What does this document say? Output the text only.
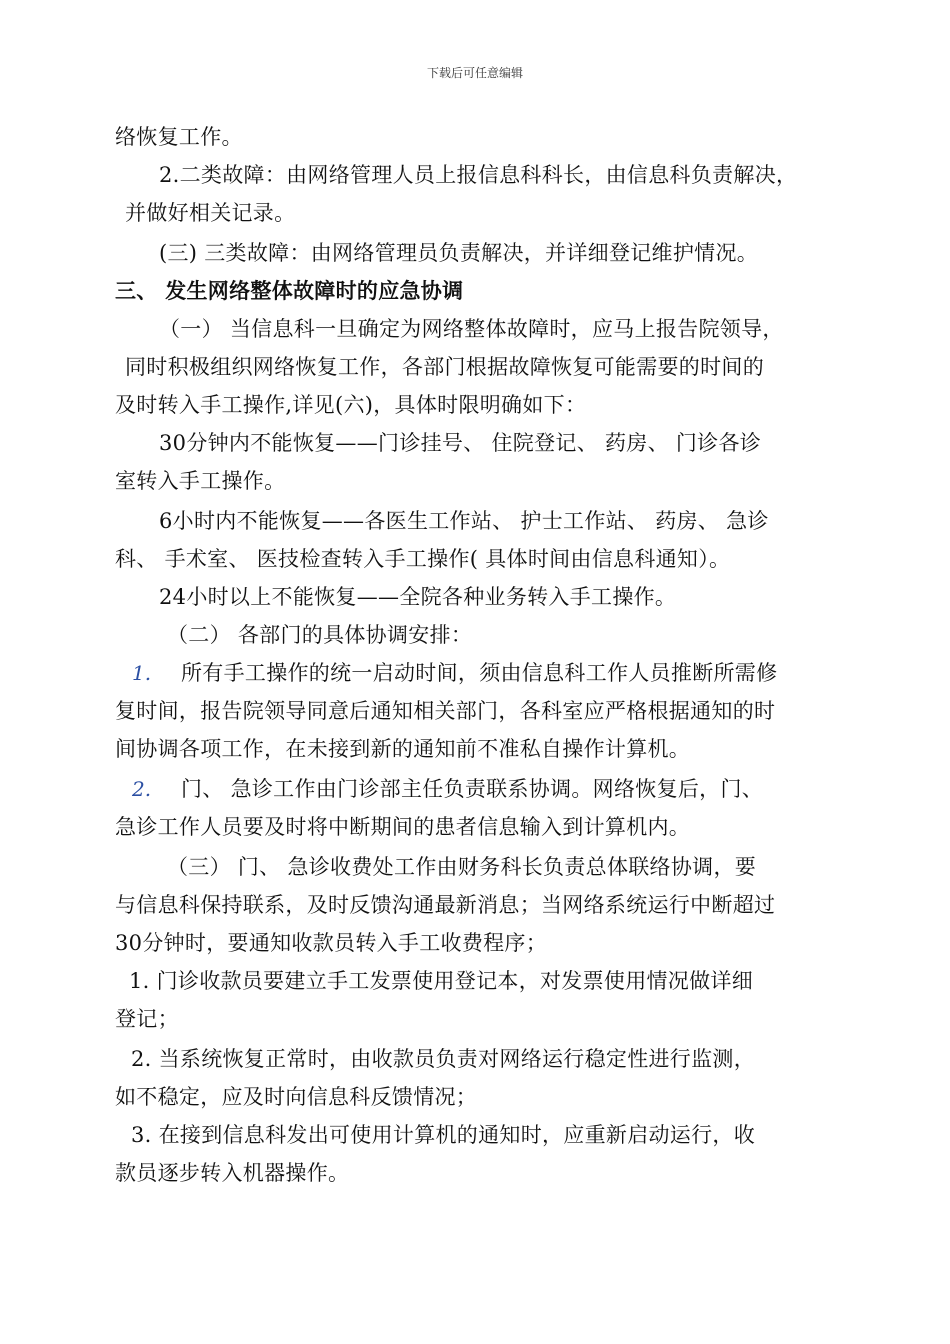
下载后可任意编辑
络恢复工作。
2.二类故障：由网络管理人员上报信息科科长，由信息科负责解决，
并做好相关记录。
(三) 三类故障：由网络管理员负责解决，并详细登记维护情况。
三、 发生网络整体故障时的应急协调
（一） 当信息科一旦确定为网络整体故障时，应马上报告院领导，
同时积极组织网络恢复工作，各部门根据故障恢复可能需要的时间的
及时转入手工操作,详见(六)，具体时限明确如下：
30分钟内不能恢复——门诊挂号、 住院登记、 药房、 门诊各诊
室转入手工操作。
6小时内不能恢复——各医生工作站、 护士工作站、 药房、 急诊
科、 手术室、 医技检查转入手工操作( 具体时间由信息科通知）。
24小时以上不能恢复——全院各种业务转入手工操作。
（二） 各部门的具体协调安排：
1. 所有手工操作的统一启动时间，须由信息科工作人员推断所需修
复时间，报告院领导同意后通知相关部门，各科室应严格根据通知的时
间协调各项工作，在未接到新的通知前不准私自操作计算机。
2. 门、 急诊工作由门诊部主任负责联系协调。网络恢复后，门、
急诊工作人员要及时将中断期间的患者信息输入到计算机内。
（三） 门、 急诊收费处工作由财务科长负责总体联络协调，要
与信息科保持联系，及时反馈沟通最新消息；当网络系统运行中断超过
30分钟时，要通知收款员转入手工收费程序；
1. 门诊收款员要建立手工发票使用登记本，对发票使用情况做详细
登记；
2. 当系统恢复正常时，由收款员负责对网络运行稳定性进行监测，
如不稳定，应及时向信息科反馈情况；
3. 在接到信息科发出可使用计算机的通知时，应重新启动运行，收
款员逐步转入机器操作。
